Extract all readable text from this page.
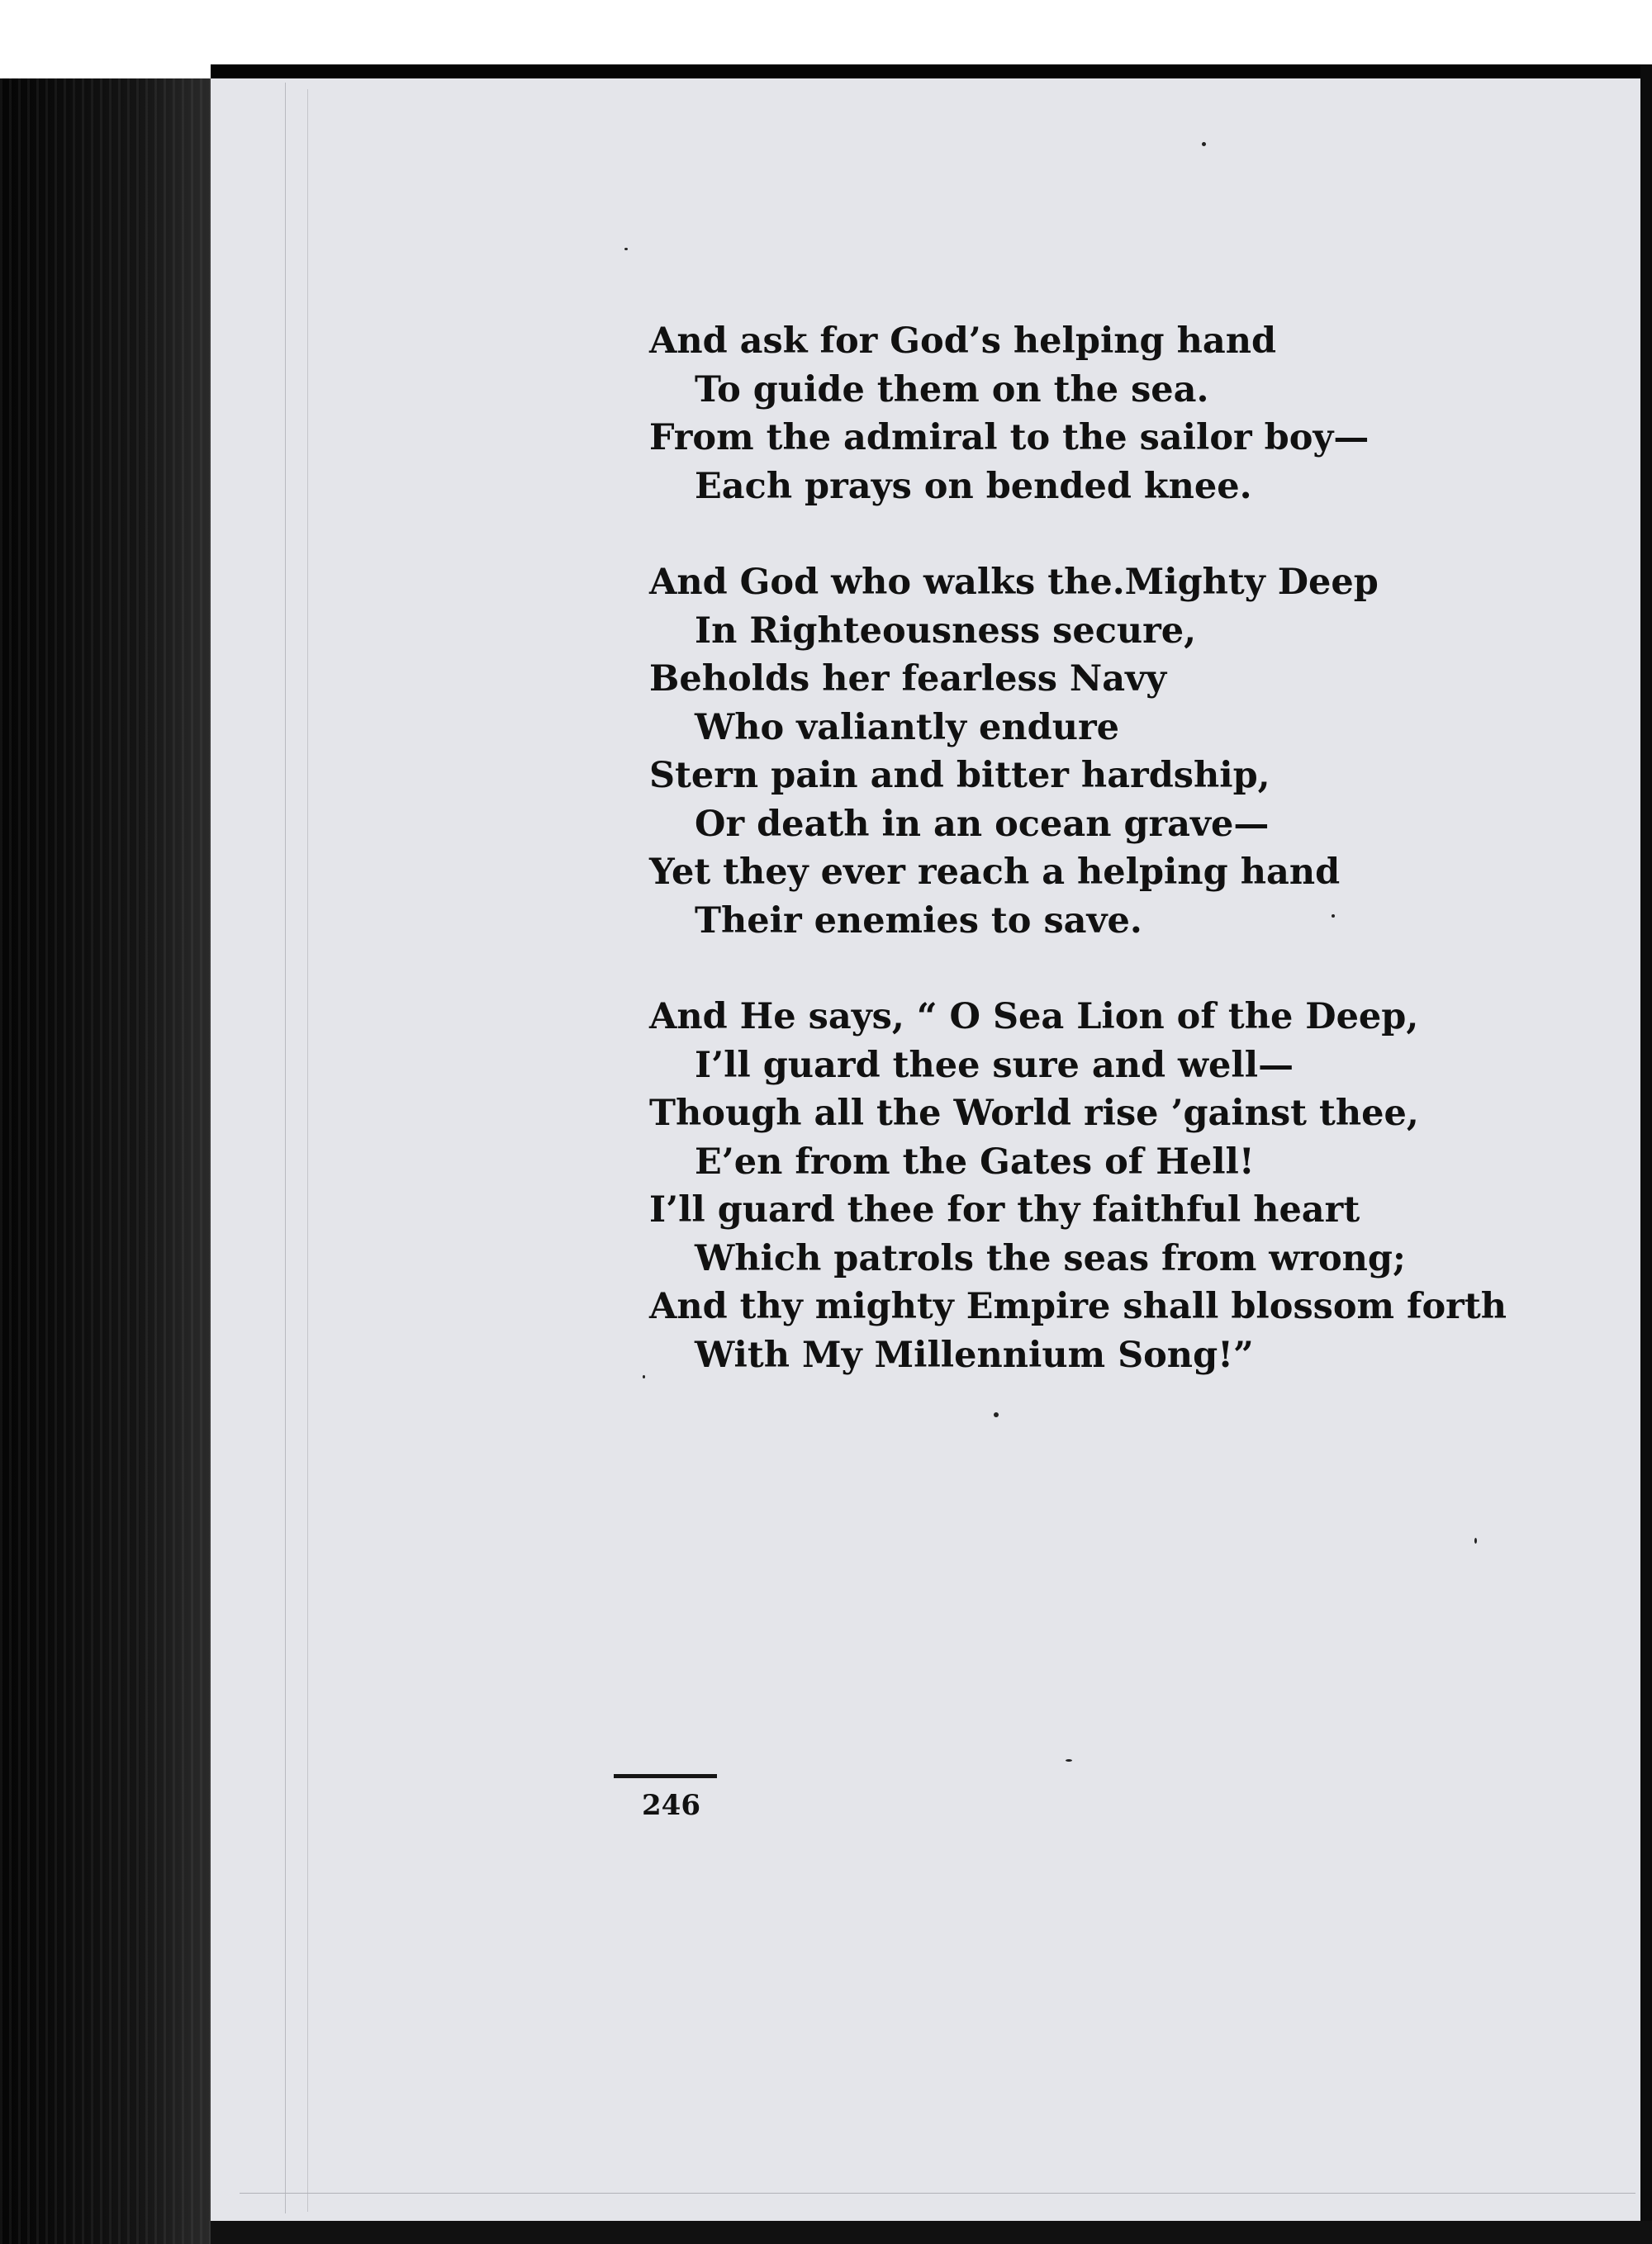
And ask for God’s helping hand
To guide them on the sea.
From the admiral to the sailor boy—
Each prays on bended knee.
And God who walks the.Mighty Deep
In Righteousness secure,
Beholds her fearless Navy
Who valiantly endure
Stern pain and bitter hardship,
Or death in an ocean grave—
Yet they ever reach a helping hand
Their enemies to save.
And He says, “ O Sea Lion of the Deep,
I’ll guard thee sure and well—
Though all the World rise ’gainst thee,
E’en from the Gates of Hell!
I’ll guard thee for thy faithful heart
Which patrols the seas from wrong;
And thy mighty Empire shall blossom forth
With My Millennium Song!”
246
